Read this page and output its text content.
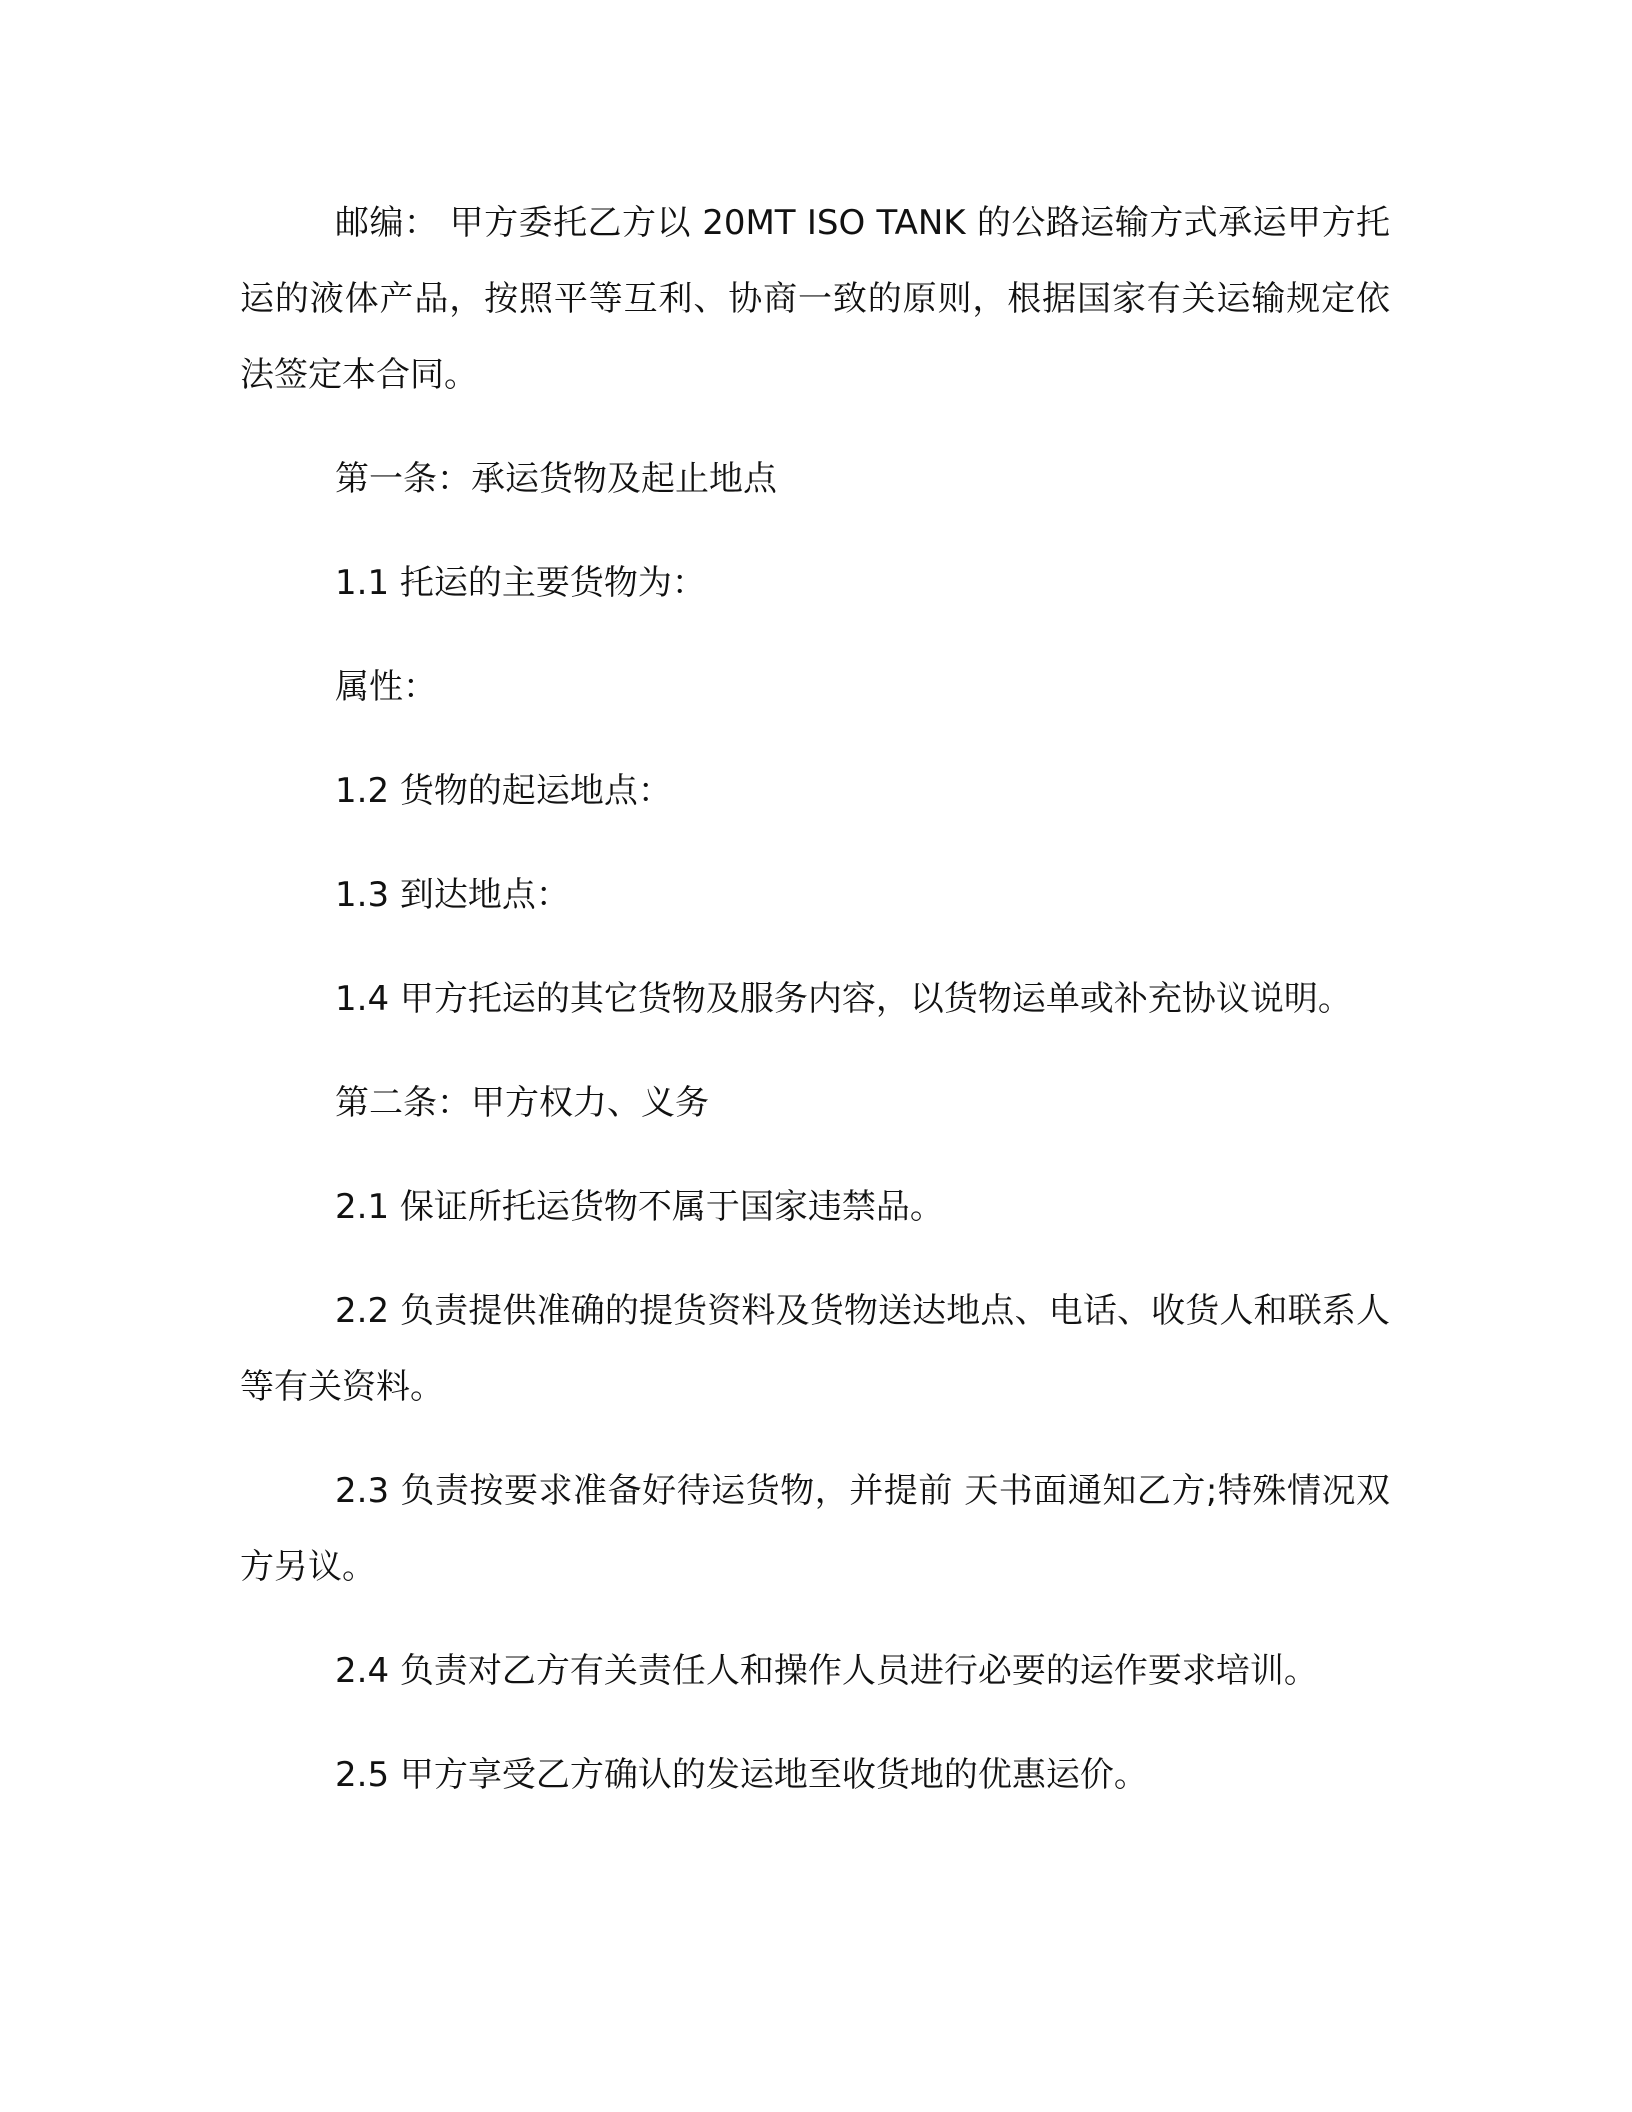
邮编： 甲方委托乙方以 20MT ISO TANK 的公路运输方式承运甲方托运的液体产品，按照平等互利、协商一致的原则，根据国家有关运输规定依法签定本合同。

第一条：承运货物及起止地点

1.1 托运的主要货物为：

属性：

1.2 货物的起运地点：

1.3 到达地点：

1.4 甲方托运的其它货物及服务内容，以货物运单或补充协议说明。

第二条：甲方权力、义务

2.1 保证所托运货物不属于国家违禁品。

2.2 负责提供准确的提货资料及货物送达地点、电话、收货人和联系人等有关资料。

2.3 负责按要求准备好待运货物，并提前 天书面通知乙方;特殊情况双方另议。

2.4 负责对乙方有关责任人和操作人员进行必要的运作要求培训。

2.5 甲方享受乙方确认的发运地至收货地的优惠运价。
